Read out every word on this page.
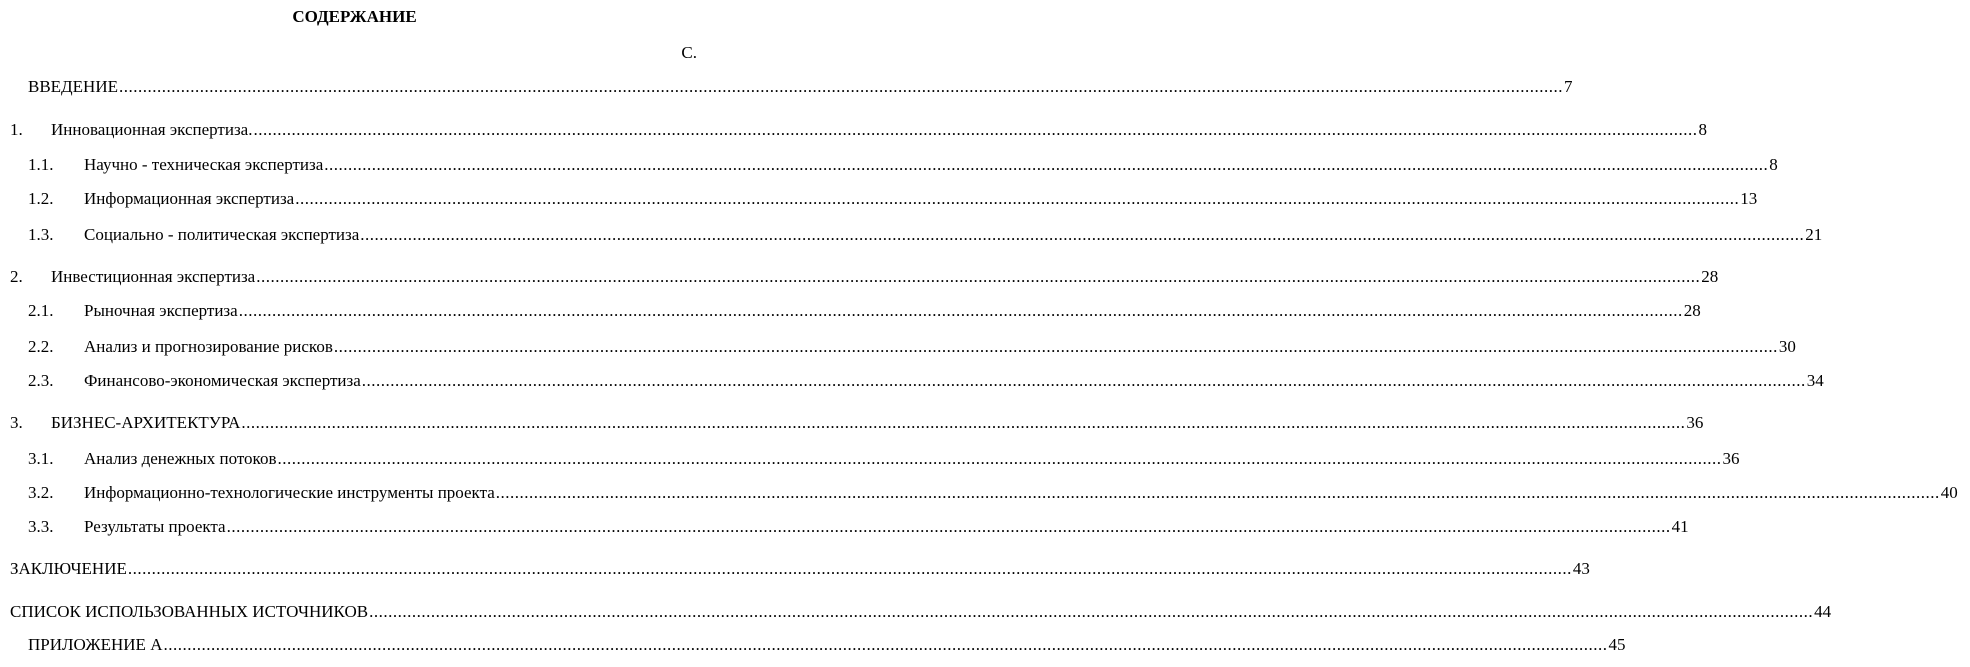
СОДЕРЖАНИЕ
С.
ВВЕДЕНИЕ .....	7
1.	Инновационная экспертиза. .....	8
1.1.	Научно - техническая экспертиза .....	8
1.2.	Информационная экспертиза .....	13
1.3.	Социально - политическая экспертиза .....	21
2.	Инвестиционная экспертиза .....	28
2.1.	Рыночная экспертиза .....	28
2.2.	Анализ и прогнозирование рисков .....	30
2.3.	Финансово-экономическая экспертиза .....	34
3.	БИЗНЕС-АРХИТЕКТУРА .....	36
3.1.	Анализ денежных потоков .....	36
3.2.	Информационно-технологические инструменты проекта .....	40
3.3.	Результаты проекта .....	41
ЗАКЛЮЧЕНИЕ .....	43
СПИСОК ИСПОЛЬЗОВАННЫХ ИСТОЧНИКОВ .....	44
ПРИЛОЖЕНИЕ А .....	45
